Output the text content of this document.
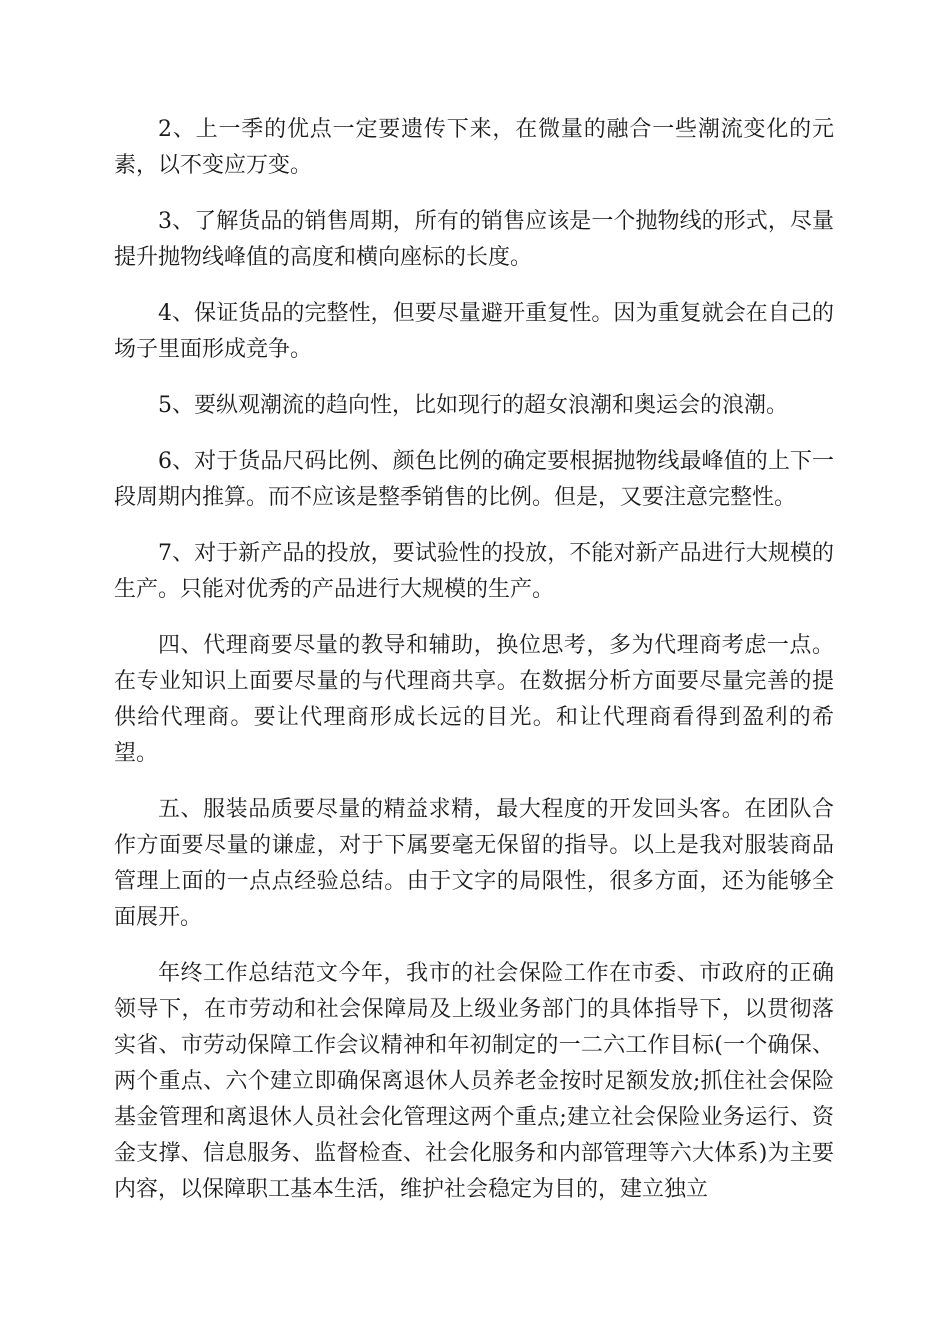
2、上一季的优点一定要遗传下来，在微量的融合一些潮流变化的元素，以不变应万变。

3、了解货品的销售周期，所有的销售应该是一个抛物线的形式，尽量提升抛物线峰值的高度和横向座标的长度。

4、保证货品的完整性，但要尽量避开重复性。因为重复就会在自己的场子里面形成竞争。

5、要纵观潮流的趋向性，比如现行的超女浪潮和奥运会的浪潮。

6、对于货品尺码比例、颜色比例的确定要根据抛物线最峰值的上下一段周期内推算。而不应该是整季销售的比例。但是，又要注意完整性。

7、对于新产品的投放，要试验性的投放，不能对新产品进行大规模的生产。只能对优秀的产品进行大规模的生产。

四、代理商要尽量的教导和辅助，换位思考，多为代理商考虑一点。在专业知识上面要尽量的与代理商共享。在数据分析方面要尽量完善的提供给代理商。要让代理商形成长远的目光。和让代理商看得到盈利的希望。

五、服装品质要尽量的精益求精，最大程度的开发回头客。在团队合作方面要尽量的谦虚，对于下属要毫无保留的指导。以上是我对服装商品管理上面的一点点经验总结。由于文字的局限性，很多方面，还为能够全面展开。

年终工作总结范文今年，我市的社会保险工作在市委、市政府的正确领导下，在市劳动和社会保障局及上级业务部门的具体指导下，以贯彻落实省、市劳动保障工作会议精神和年初制定的一二六工作目标(一个确保、两个重点、六个建立即确保离退休人员养老金按时足额发放;抓住社会保险基金管理和离退休人员社会化管理这两个重点;建立社会保险业务运行、资金支撑、信息服务、监督检查、社会化服务和内部管理等六大体系)为主要内容，以保障职工基本生活，维护社会稳定为目的，建立独立
